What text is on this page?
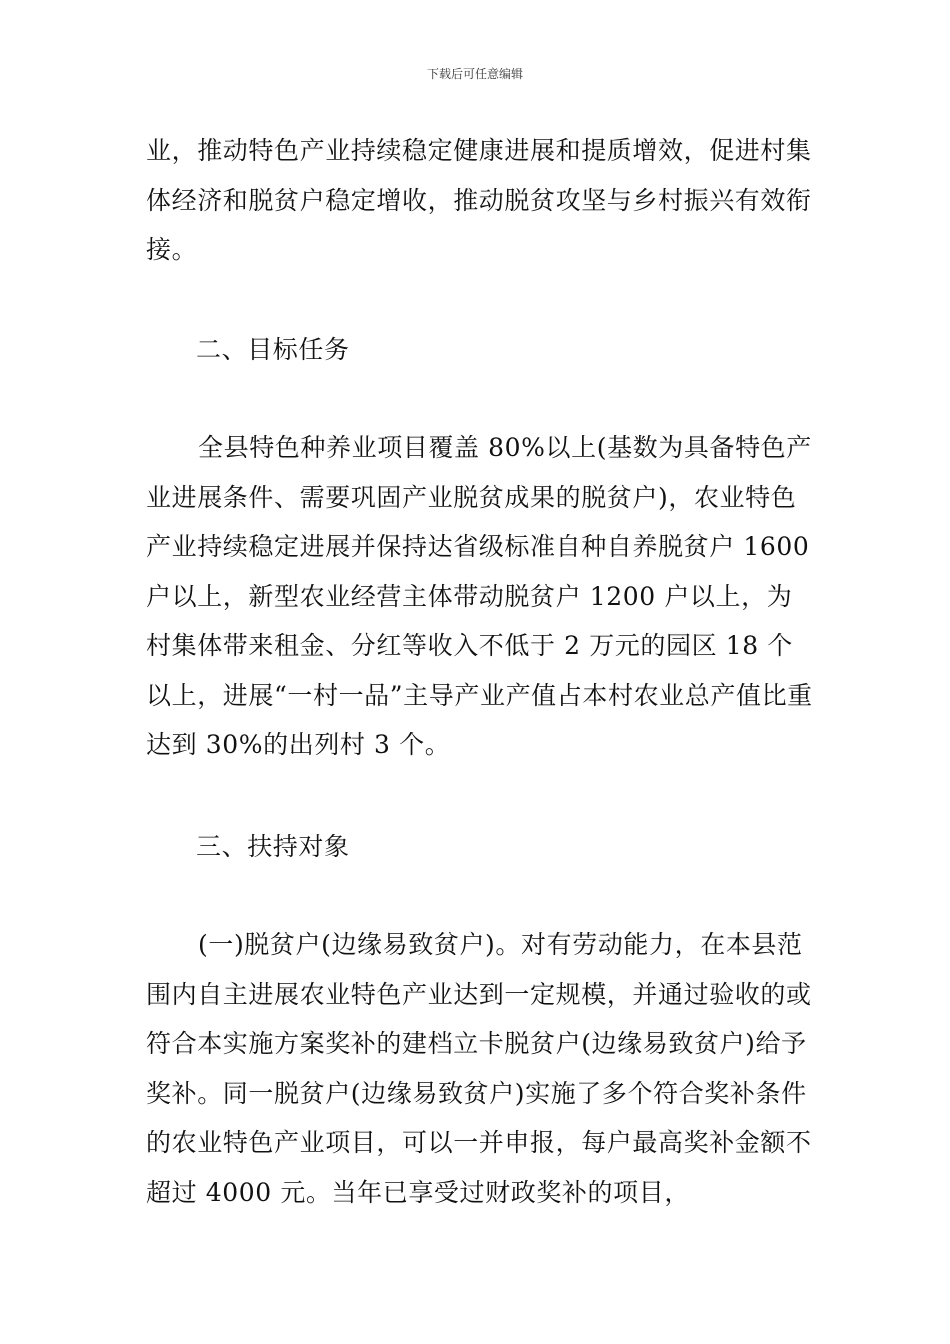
下载后可任意编辑

业，推动特色产业持续稳定健康进展和提质增效，促进村集体经济和脱贫户稳定增收，推动脱贫攻坚与乡村振兴有效衔接。

二、目标任务

全县特色种养业项目覆盖 80%以上(基数为具备特色产业进展条件、需要巩固产业脱贫成果的脱贫户)，农业特色产业持续稳定进展并保持达省级标准自种自养脱贫户 1600 户以上，新型农业经营主体带动脱贫户 1200 户以上，为村集体带来租金、分红等收入不低于 2 万元的园区 18 个以上，进展“一村一品”主导产业产值占本村农业总产值比重达到 30%的出列村 3 个。

三、扶持对象

(一)脱贫户(边缘易致贫户)。对有劳动能力，在本县范围内自主进展农业特色产业达到一定规模，并通过验收的或符合本实施方案奖补的建档立卡脱贫户(边缘易致贫户)给予奖补。同一脱贫户(边缘易致贫户)实施了多个符合奖补条件的农业特色产业项目，可以一并申报，每户最高奖补金额不超过 4000 元。当年已享受过财政奖补的项目，
